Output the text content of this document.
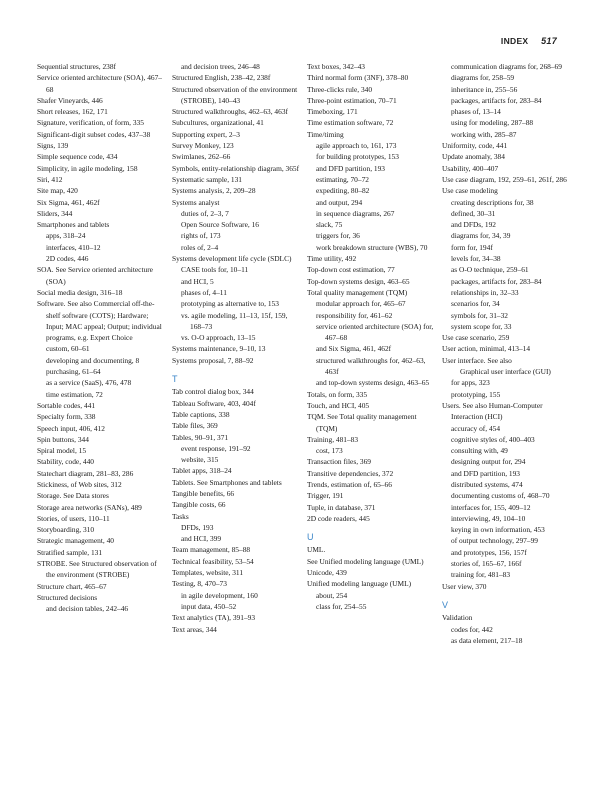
INDEX 517

Sequential structures, 238f

Service oriented architecture (SOA), 467–68

Shafer Vineyards, 446

Short releases, 162, 171

Signature, verification, of form, 335

Significant-digit subset codes, 437–38

Signs, 139

Simple sequence code, 434

Simplicity, in agile modeling, 158

Siri, 412

Site map, 420

Six Sigma, 461, 462f

Sliders, 344

Smartphones and tablets

apps, 318–24

interfaces, 410–12

2D codes, 446

SOA. See Service oriented architecture (SOA)

Social media design, 316–18

Software. See also Commercial off-the-shelf software (COTS); Hardware; Input; MAC appeal; Output; individual programs, e.g. Expert Choice

custom, 60–61

developing and documenting, 8

purchasing, 61–64

as a service (SaaS), 476, 478

time estimation, 72

Sortable codes, 441

Specialty form, 338

Speech input, 406, 412

Spin buttons, 344

Spiral model, 15

Stability, code, 440

Statechart diagram, 281–83, 286

Stickiness, of Web sites, 312

Storage. See Data stores

Storage area networks (SANs), 489

Stories, of users, 110–11

Storyboarding, 310

Strategic management, 40

Stratified sample, 131

STROBE. See Structured observation of the environment (STROBE)

Structure chart, 465–67

Structured decisions

and decision tables, 242–46

and decision trees, 246–48

Structured English, 238–42, 238f

Structured observation of the environment (STROBE), 140–43

Structured walkthroughs, 462–63, 463f

Subcultures, organizational, 41

Supporting expert, 2–3

Survey Monkey, 123

Swimlanes, 262–66

Symbols, entity-relationship diagram, 365f

Systematic sample, 131

Systems analysis, 2, 209–28

Systems analyst

duties of, 2–3, 7

Open Source Software, 16

rights of, 173

roles of, 2–4

Systems development life cycle (SDLC)

CASE tools for, 10–11

and HCI, 5

phases of, 4–11

prototyping as alternative to, 153

vs. agile modeling, 11–13, 15f, 159, 168–73

vs. O-O approach, 13–15

Systems maintenance, 9–10, 13

Systems proposal, 7, 88–92

T

Tab control dialog box, 344

Tableau Software, 403, 404f

Table captions, 338

Table files, 369

Tables, 90–91, 371

event response, 191–92

website, 315

Tablet apps, 318–24

Tablets. See Smartphones and tablets

Tangible benefits, 66

Tangible costs, 66

Tasks

DFDs, 193

and HCI, 399

Team management, 85–88

Technical feasibility, 53–54

Templates, website, 311

Testing, 8, 470–73

in agile development, 160

input data, 450–52

Text analytics (TA), 391–93

Text areas, 344

Text boxes, 342–43

Third normal form (3NF), 378–80

Three-clicks rule, 340

Three-point estimation, 70–71

Timeboxing, 171

Time estimation software, 72

Time/timing

agile approach to, 161, 173

for building prototypes, 153

and DFD partition, 193

estimating, 70–72

expediting, 80–82

and output, 294

in sequence diagrams, 267

slack, 75

triggers for, 36

work breakdown structure (WBS), 70

Time utility, 492

Top-down cost estimation, 77

Top-down systems design, 463–65

Total quality management (TQM)

modular approach for, 465–67

responsibility for, 461–62

service oriented architecture (SOA) for, 467–68

and Six Sigma, 461, 462f

structured walkthroughs for, 462–63, 463f

and top-down systems design, 463–65

Totals, on form, 335

Touch, and HCI, 405

TQM. See Total quality management (TQM)

Training, 481–83

cost, 173

Transaction files, 369

Transitive dependencies, 372

Trends, estimation of, 65–66

Trigger, 191

Tuple, in database, 371

2D code readers, 445

U

UML.

See Unified modeling language (UML)

Unicode, 439

Unified modeling language (UML)

about, 254

class for, 254–55

communication diagrams for, 268–69

diagrams for, 258–59

inheritance in, 255–56

packages, artifacts for, 283–84

phases of, 13–14

using for modeling, 287–88

working with, 285–87

Uniformity, code, 441

Update anomaly, 384

Usability, 400–407

Use case diagram, 192, 259–61, 261f, 286

Use case modeling

creating descriptions for, 38

defined, 30–31

and DFDs, 192

diagrams for, 34, 39

form for, 194f

levels for, 34–38

as O-O technique, 259–61

packages, artifacts for, 283–84

relationships in, 32–33

scenarios for, 34

symbols for, 31–32

system scope for, 33

Use case scenario, 259

User action, minimal, 413–14

User interface. See also

Graphical user interface (GUI)

for apps, 323

prototyping, 155

Users. See also Human-Computer Interaction (HCI)

accuracy of, 454

cognitive styles of, 400–403

consulting with, 49

designing output for, 294

and DFD partition, 193

distributed systems, 474

documenting customs of, 468–70

interfaces for, 155, 409–12

interviewing, 49, 104–10

keying in own information, 453

of output technology, 297–99

and prototypes, 156, 157f

stories of, 165–67, 166f

training for, 481–83

User view, 370

V

Validation

codes for, 442

as data element, 217–18
